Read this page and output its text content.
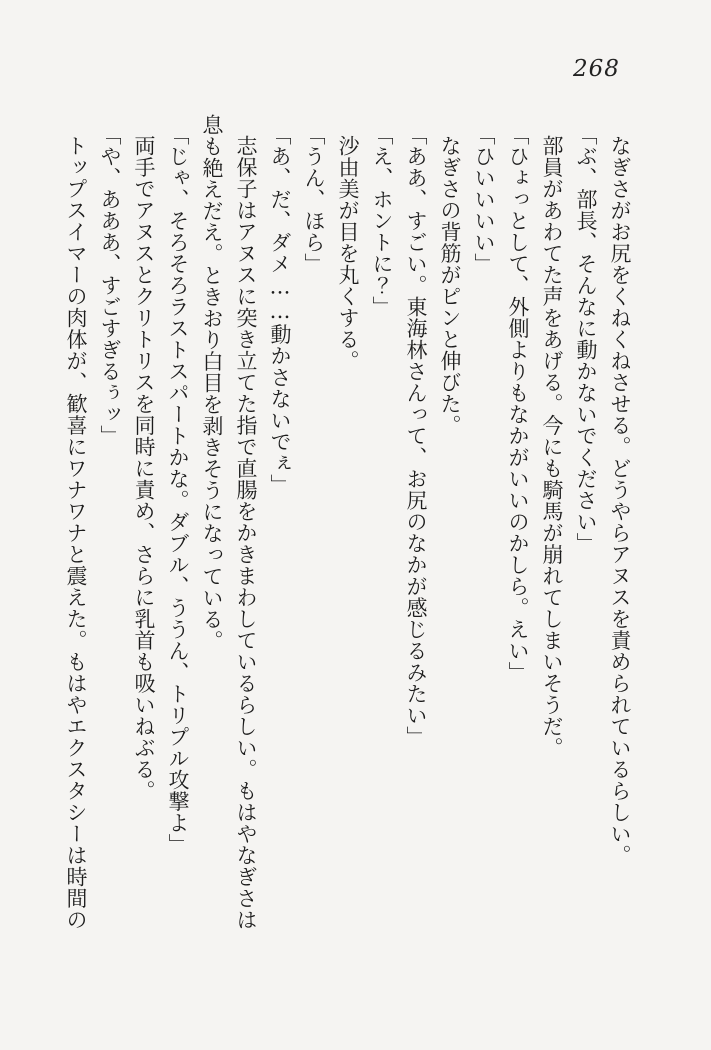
268

なぎさがお尻をくねくねさせる。どうやらアヌスを責められているらしい。

「ぶ、部長、そんなに動かないでください」

部員があわてた声をあげる。今にも騎馬が崩れてしまいそうだ。

「ひょっとして、外側よりもなかがいいのかしら。えい」

「ひいいいい」

なぎさの背筋がピンと伸びた。

「ああ、すごい。東海林さんって、お尻のなかが感じるみたい」

「え、ホントに？」

沙由美が目を丸くする。

「うん、ほら」

「あ、だ、ダメ……動かさないでぇ」

志保子はアヌスに突き立てた指で直腸をかきまわしているらしい。もはやなぎさは

息も絶えだえ。ときおり白目を剥きそうになっている。

「じゃ、そろそろラストスパートかな。ダブル、ううん、トリプル攻撃よ」

両手でアヌスとクリトリスを同時に責め、さらに乳首も吸いねぶる。

「や、あああ、すごすぎるぅッ」

トップスイマーの肉体が、歓喜にワナワナと震えた。もはやエクスタシーは時間の
